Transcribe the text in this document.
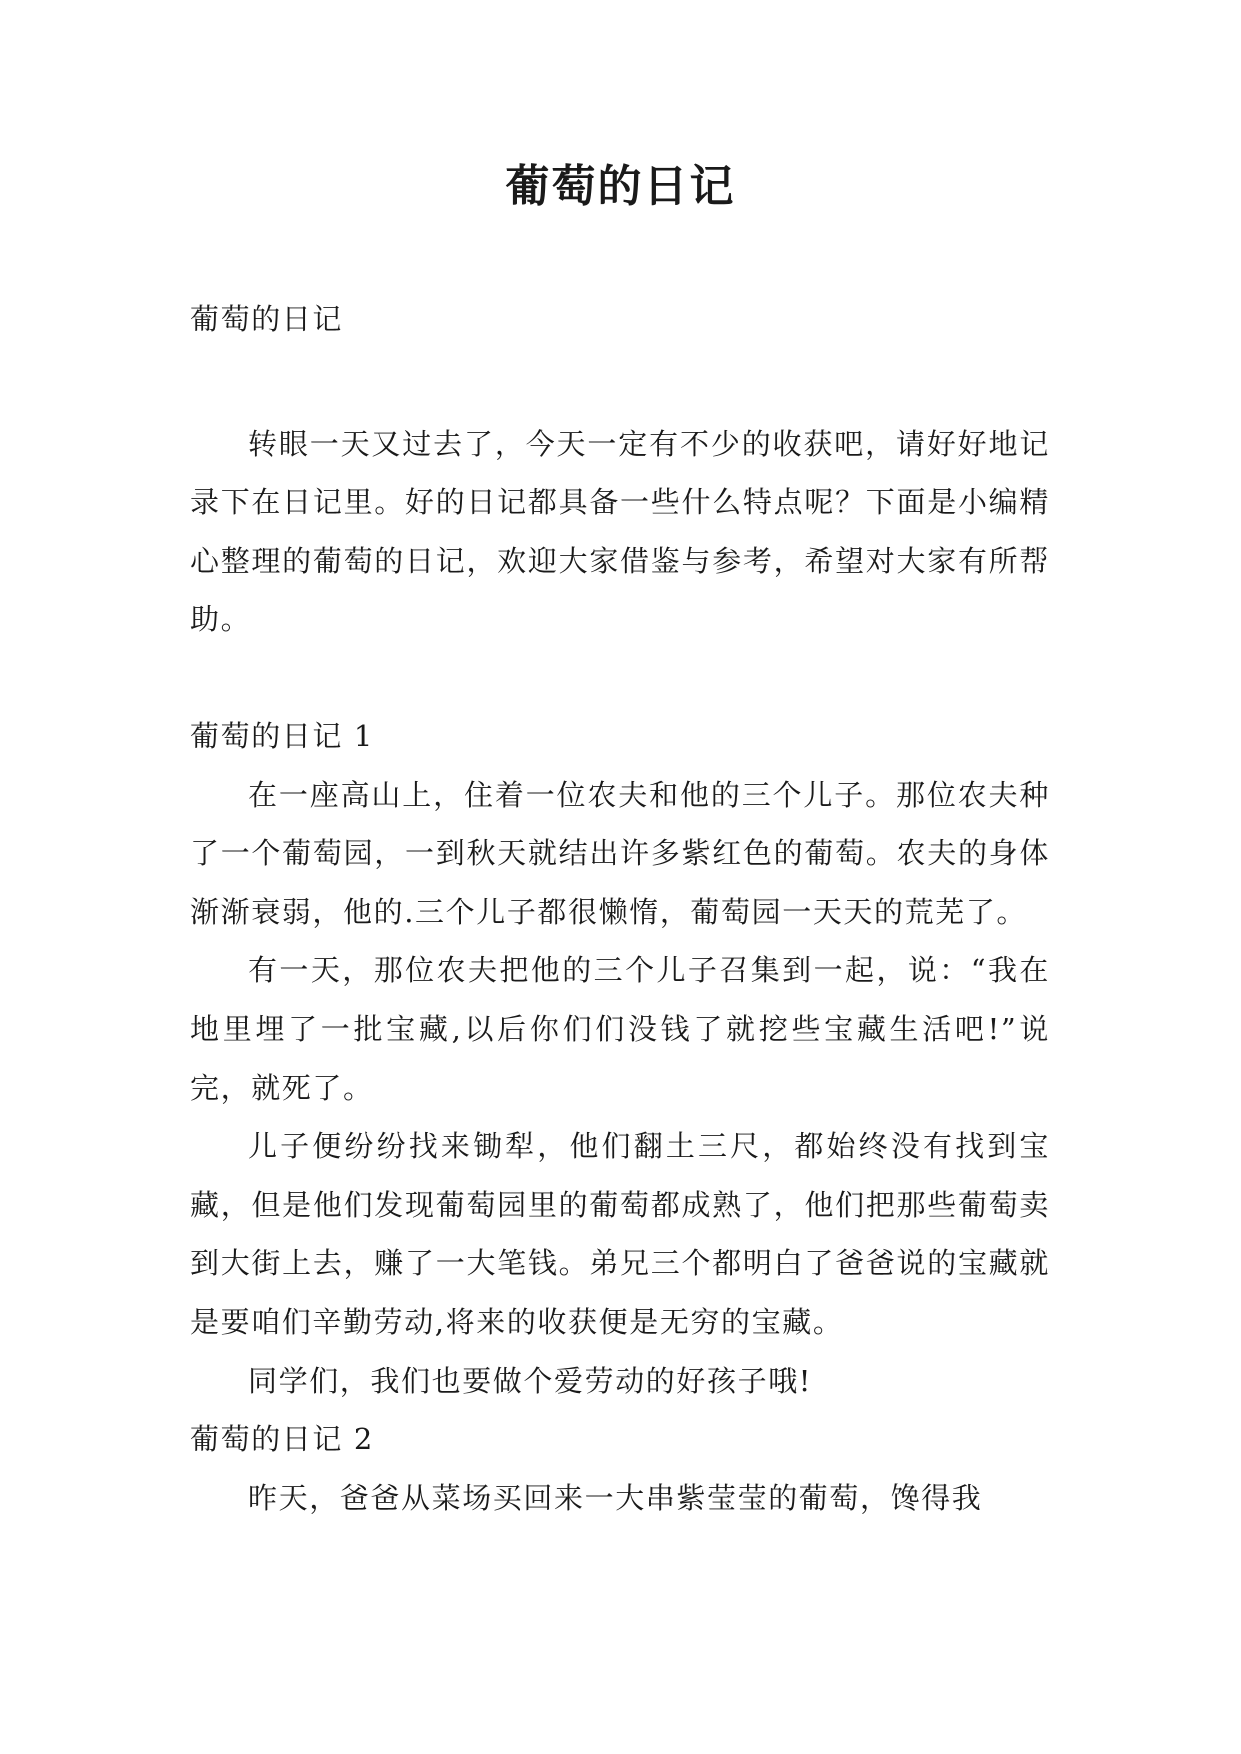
葡萄的日记

葡萄的日记

转眼一天又过去了，今天一定有不少的收获吧，请好好地记录下在日记里。好的日记都具备一些什么特点呢？下面是小编精心整理的葡萄的日记，欢迎大家借鉴与参考，希望对大家有所帮助。

葡萄的日记 1

在一座高山上，住着一位农夫和他的三个儿子。那位农夫种了一个葡萄园，一到秋天就结出许多紫红色的葡萄。农夫的身体渐渐衰弱，他的.三个儿子都很懒惰，葡萄园一天天的荒芜了。

有一天，那位农夫把他的三个儿子召集到一起，说：“我在地里埋了一批宝藏,以后你们们没钱了就挖些宝藏生活吧!”说完，就死了。

儿子便纷纷找来锄犁，他们翻土三尺，都始终没有找到宝藏，但是他们发现葡萄园里的葡萄都成熟了，他们把那些葡萄卖到大街上去，赚了一大笔钱。弟兄三个都明白了爸爸说的宝藏就是要咱们辛勤劳动,将来的收获便是无穷的宝藏。

同学们，我们也要做个爱劳动的好孩子哦!

葡萄的日记 2

昨天，爸爸从菜场买回来一大串紫莹莹的葡萄，馋得我
